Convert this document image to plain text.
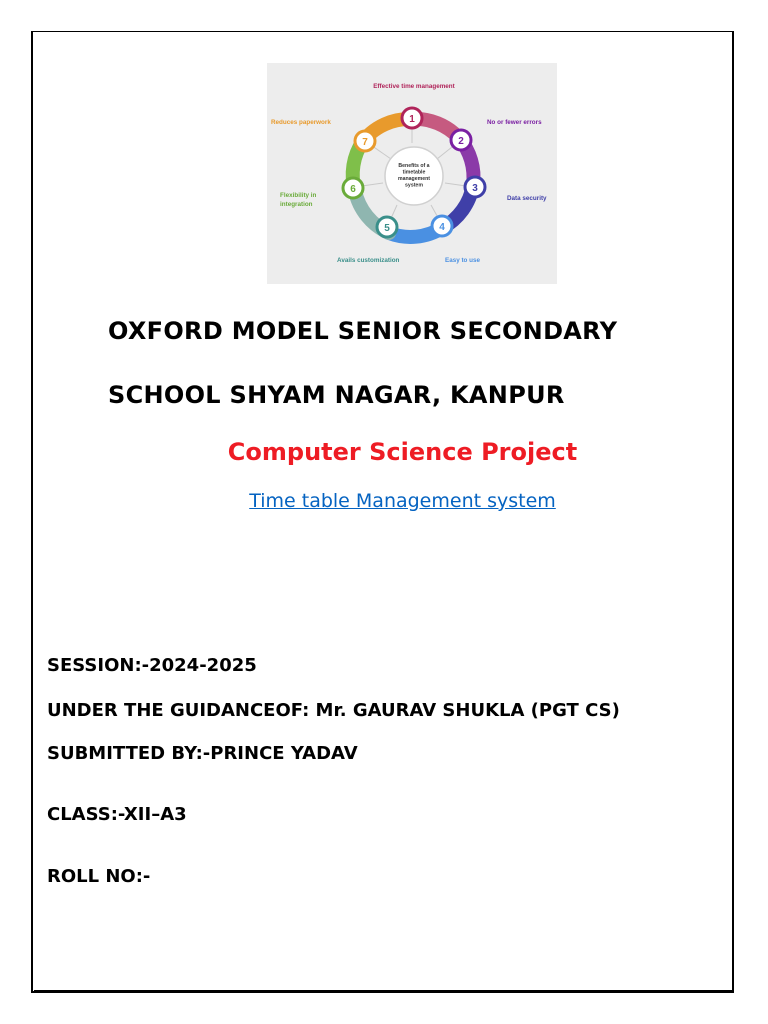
Benefits of a
timetable
management
system
1
2
3
4
5
6
7
Effective time management
No or fewer errors
Data security
Easy to use
Avails customization
Reduces paperwork
Flexibility in
integration
OXFORD MODEL SENIOR SECONDARY
SCHOOL SHYAM NAGAR, KANPUR
Computer Science Project
Time table Management system
SESSION:-2024-2025
UNDER THE GUIDANCEOF: Mr. GAURAV SHUKLA (PGT CS)
SUBMITTED BY:-PRINCE YADAV
CLASS:-XII–A3
ROLL NO:-
